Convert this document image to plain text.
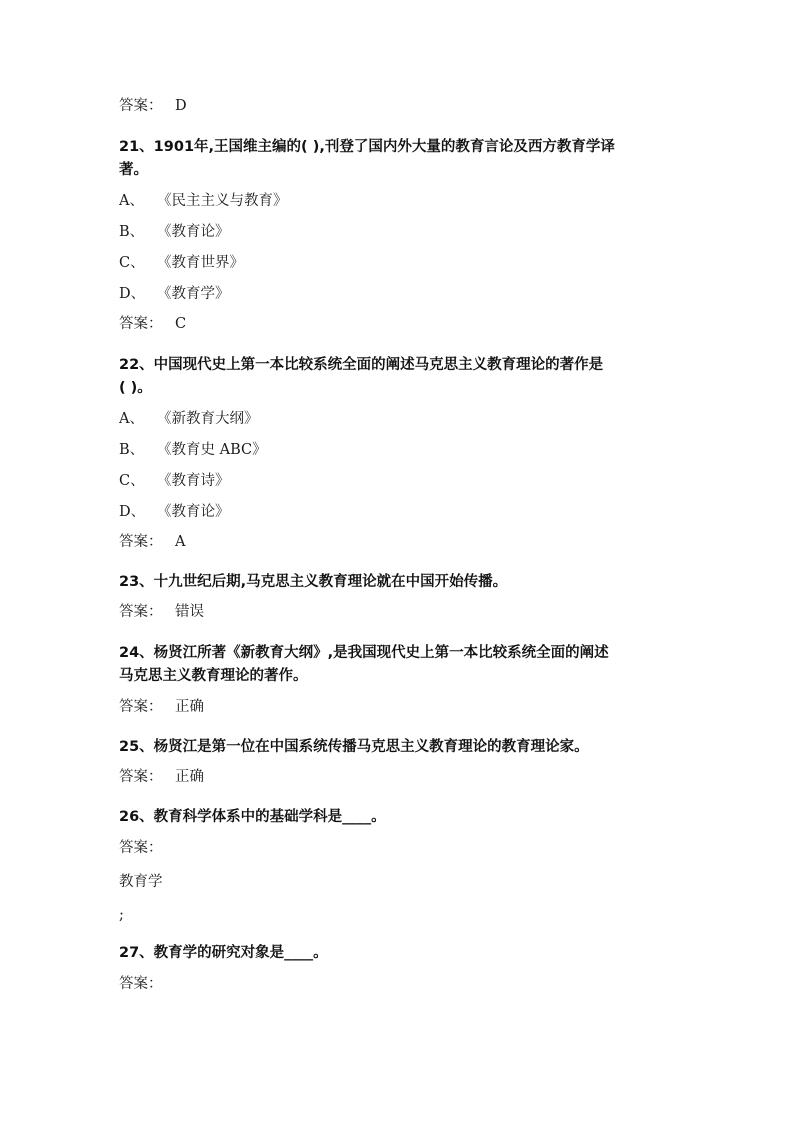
答案： D
21、1901年,王国维主编的( ),刊登了国内外大量的教育言论及西方教育学译
著。
A、 《民主主义与教育》
B、 《教育论》
C、 《教育世界》
D、 《教育学》
答案： C
22、中国现代史上第一本比较系统全面的阐述马克思主义教育理论的著作是
( )。
A、 《新教育大纲》
B、 《教育史 ABC》
C、 《教育诗》
D、 《教育论》
答案： A
23、十九世纪后期,马克思主义教育理论就在中国开始传播。
答案： 错误
24、杨贤江所著《新教育大纲》,是我国现代史上第一本比较系统全面的阐述
马克思主义教育理论的著作。
答案： 正确
25、杨贤江是第一位在中国系统传播马克思主义教育理论的教育理论家。
答案： 正确
26、教育科学体系中的基础学科是____。
答案：
教育学
;
27、教育学的研究对象是____。
答案：
